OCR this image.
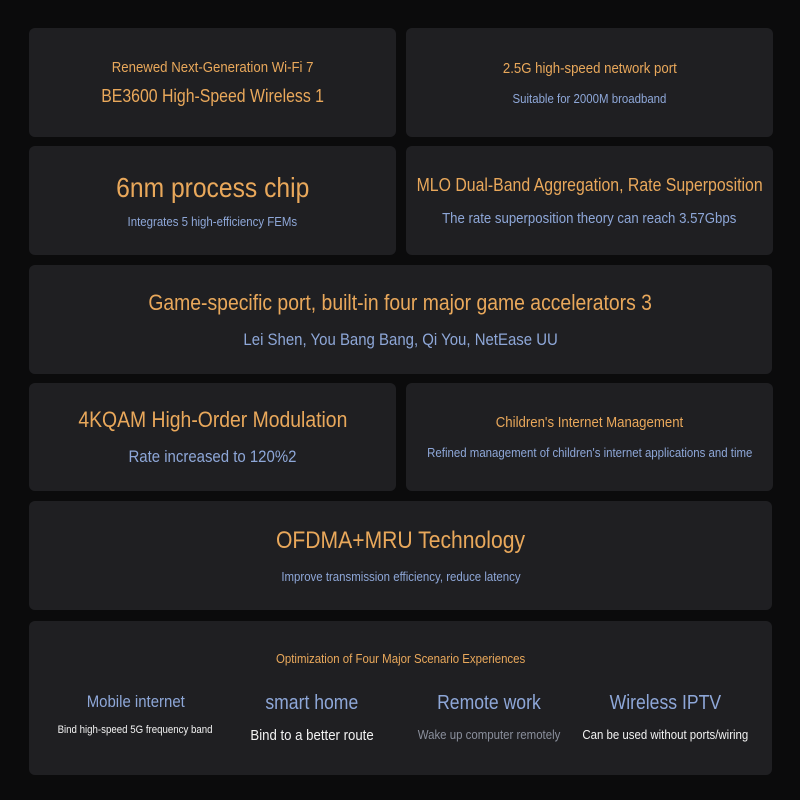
Renewed Next-Generation Wi-Fi 7
BE3600 High-Speed Wireless 1
2.5G high-speed network port
Suitable for 2000M broadband
6nm process chip
Integrates 5 high-efficiency FEMs
MLO Dual-Band Aggregation, Rate Superposition
The rate superposition theory can reach 3.57Gbps
Game-specific port, built-in four major game accelerators 3
Lei Shen, You Bang Bang, Qi You, NetEase UU
4KQAM High-Order Modulation
Rate increased to 120%2
Children's Internet Management
Refined management of children's internet applications and time
OFDMA+MRU Technology
Improve transmission efficiency, reduce latency
Optimization of Four Major Scenario Experiences
Mobile internet
Bind high-speed 5G frequency band
smart home
Bind to a better route
Remote work
Wake up computer remotely
Wireless IPTV
Can be used without ports/wiring
